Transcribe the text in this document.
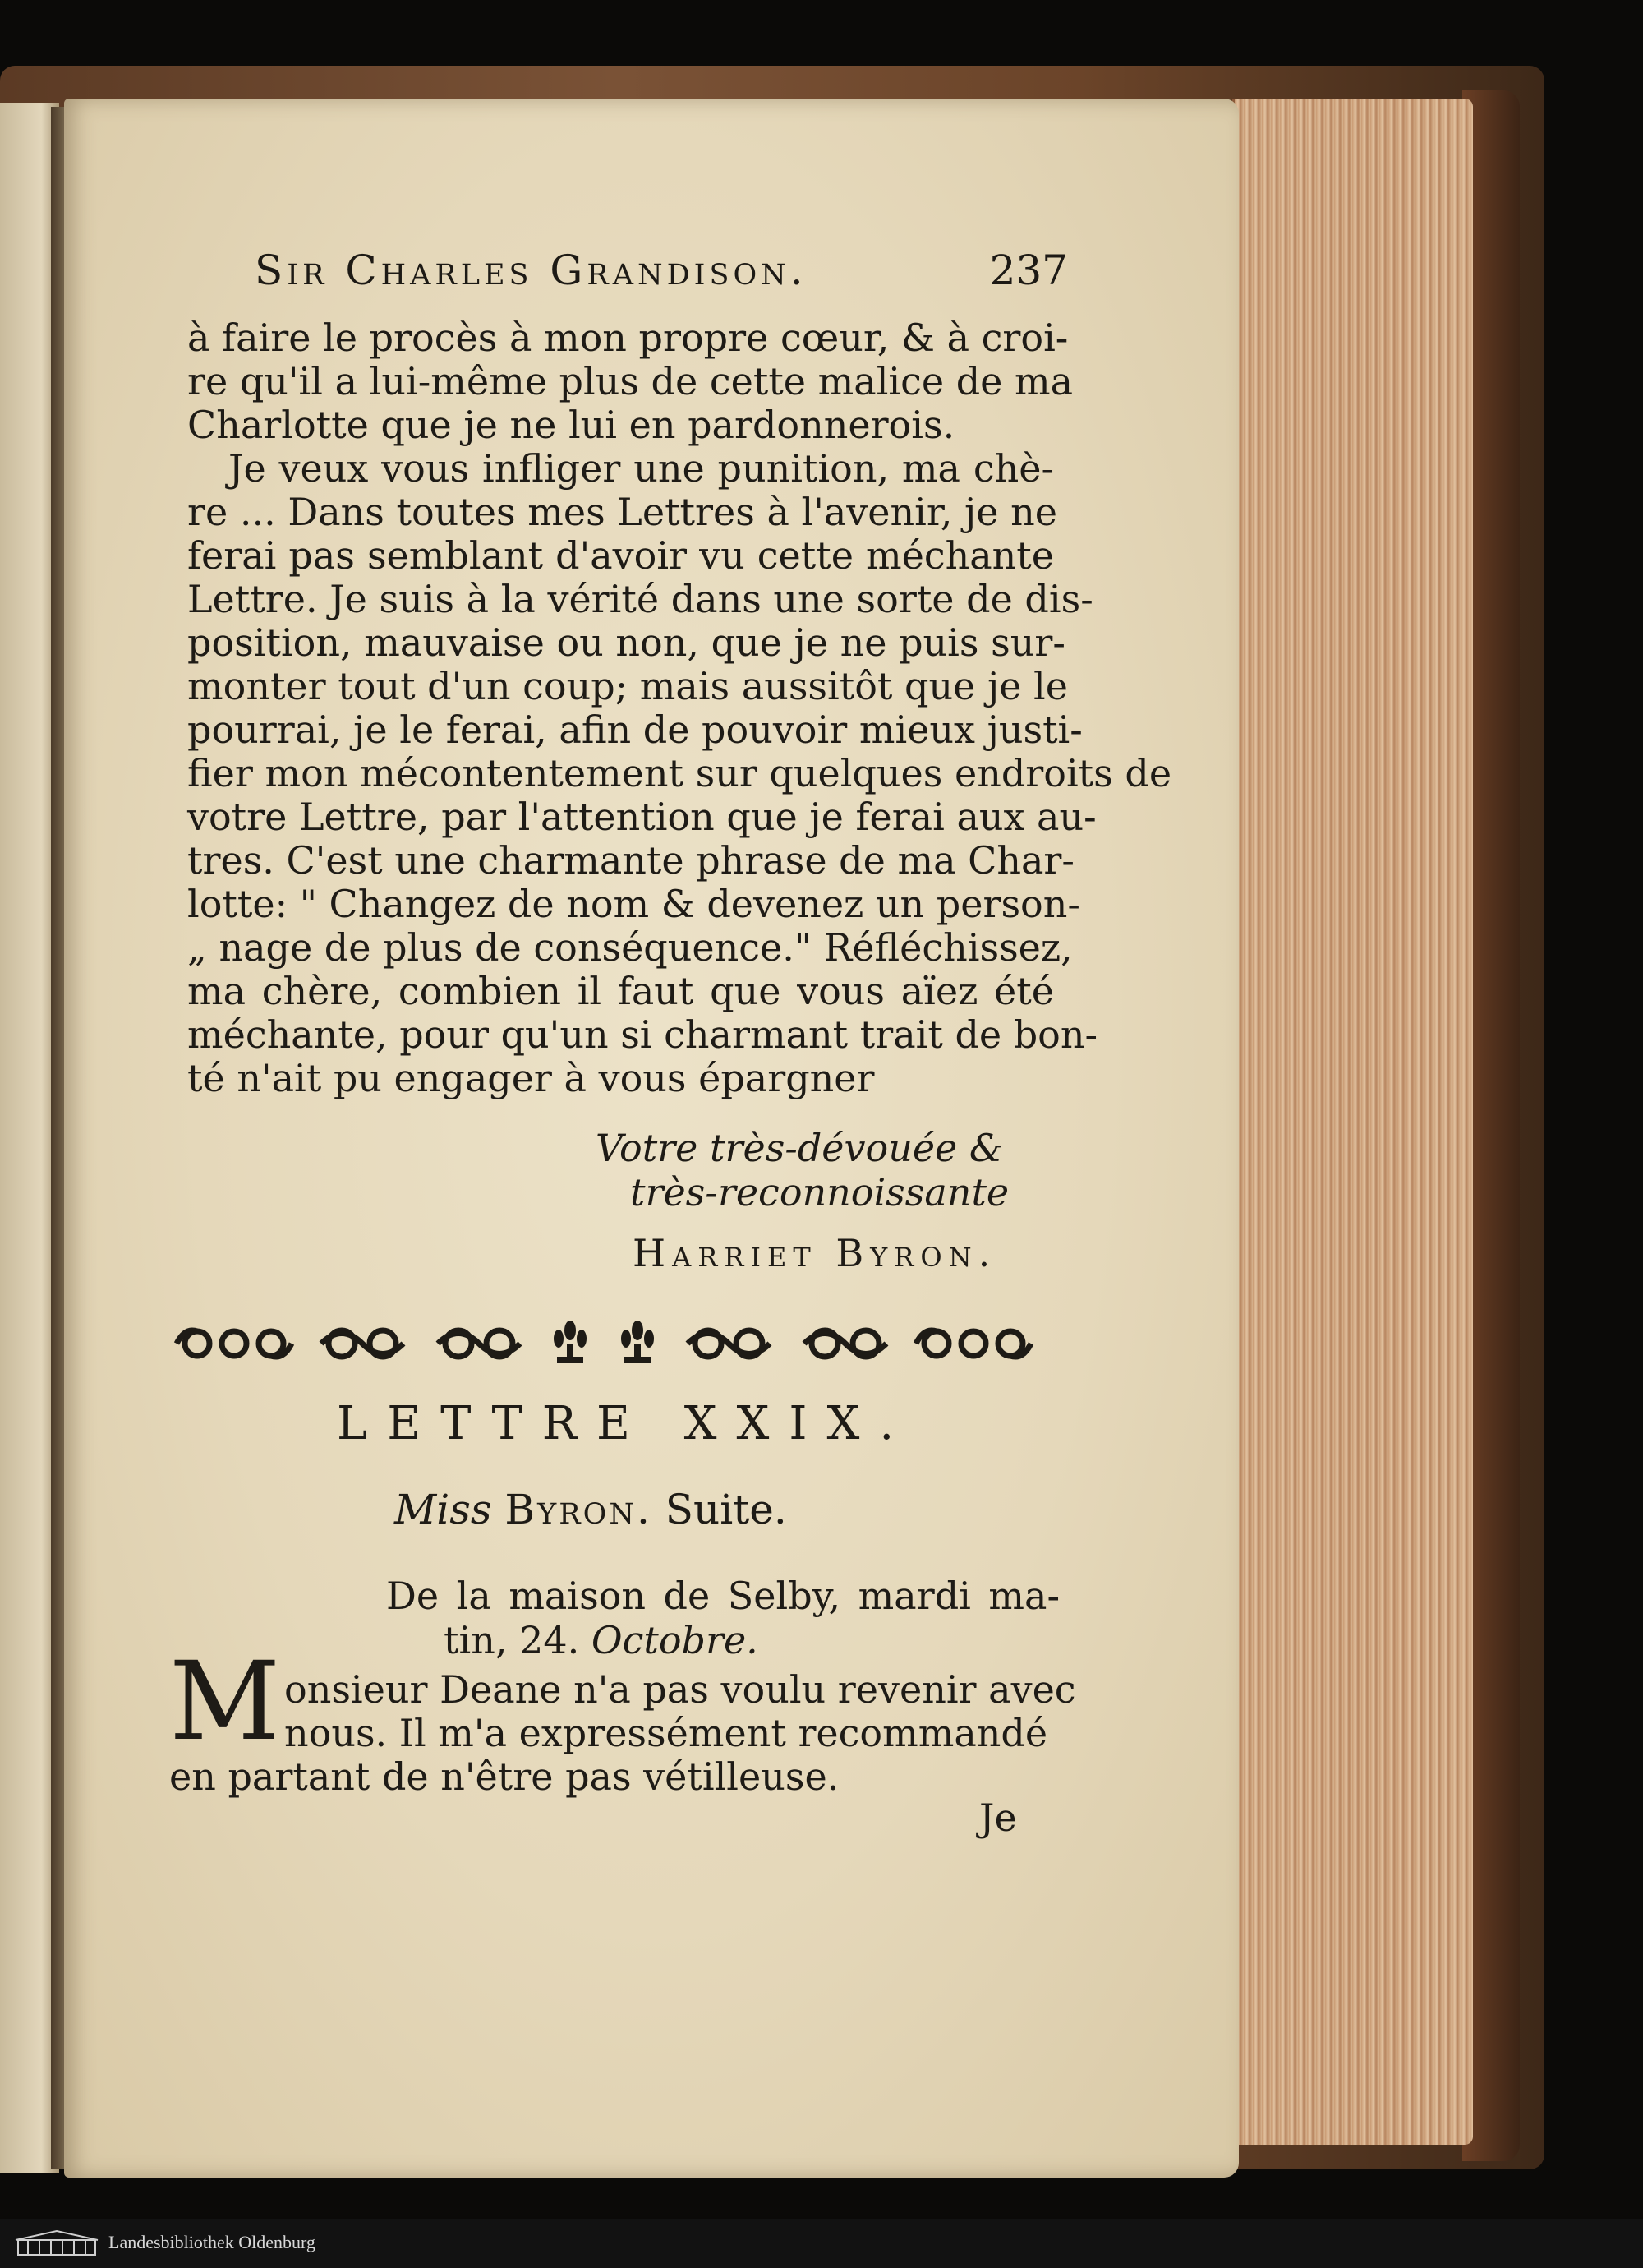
Sir Charles Grandison.	237
à faire le procès à mon propre cœur, & à croi-
re qu'il a lui-même plus de cette malice de ma
Charlotte que je ne lui en pardonnerois.
Je veux vous infliger une punition, ma chè-
re ... Dans toutes mes Lettres à l'avenir, je ne
ferai pas semblant d'avoir vu cette méchante
Lettre. Je suis à la vérité dans une sorte de dis-
position, mauvaise ou non, que je ne puis sur-
monter tout d'un coup; mais aussitôt que je le
pourrai, je le ferai, afin de pouvoir mieux justi-
fier mon mécontentement sur quelques endroits de
votre Lettre, par l'attention que je ferai aux au-
tres. C'est une charmante phrase de ma Char-
lotte: " Changez de nom & devenez un person-
„ nage de plus de conséquence." Réfléchissez,
ma chère, combien il faut que vous aïez été
méchante, pour qu'un si charmant trait de bon-
té n'ait pu engager à vous épargner
Votre très-dévouée &
très-reconnoissante
Harriet Byron.
LETTRE XXIX.
Miss Byron. Suite.
De la maison de Selby, mardi ma-
tin, 24. Octobre.
M onsieur Deane n'a pas voulu revenir avec
nous. Il m'a expressément recommandé
en partant de n'être pas vétilleuse.
Je
Landesbibliothek Oldenburg
